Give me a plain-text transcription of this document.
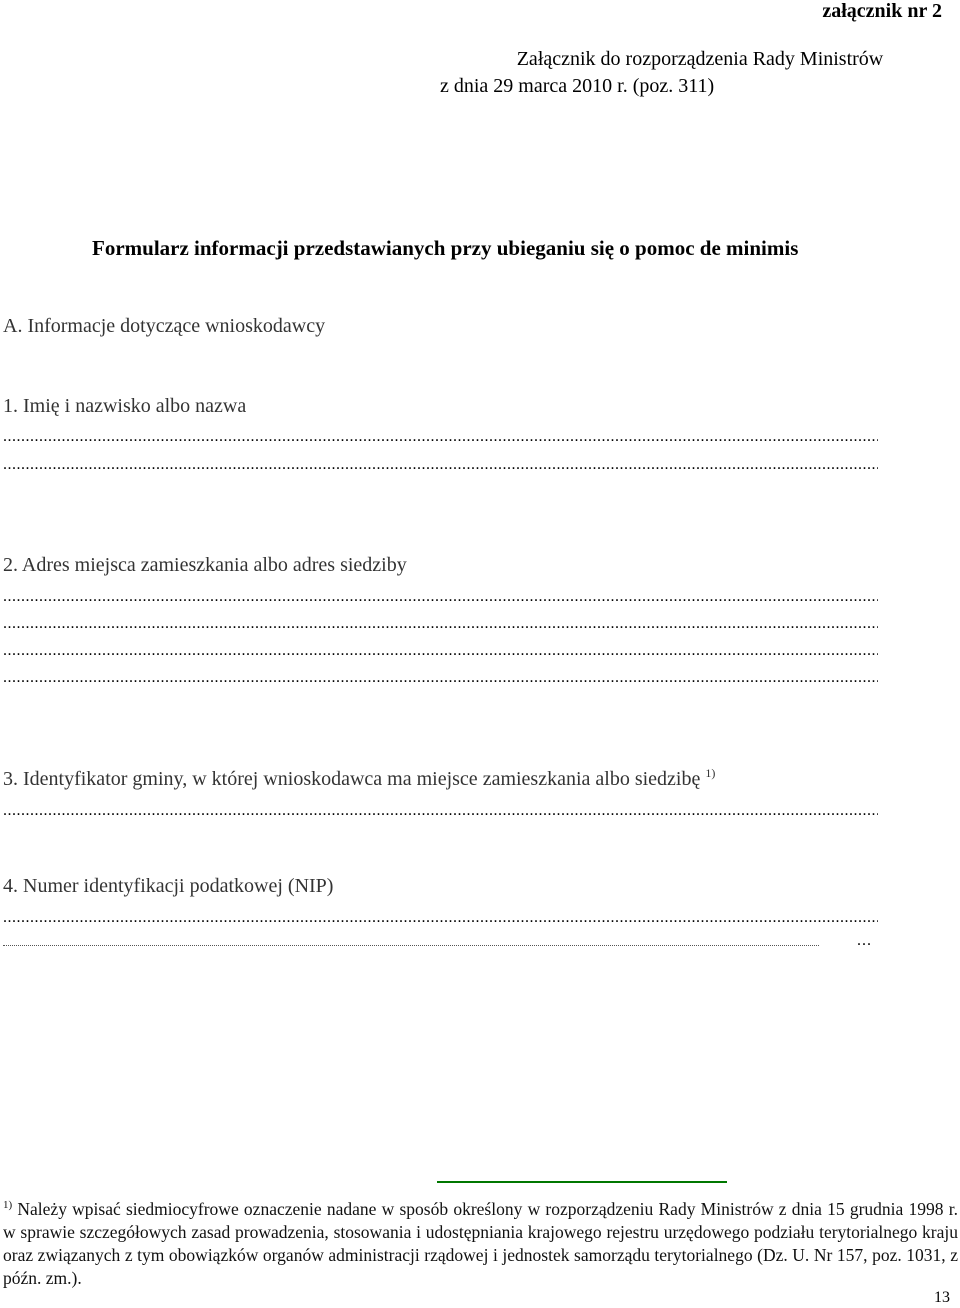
załącznik nr 2
Załącznik do rozporządzenia Rady Ministrów
z dnia 29 marca 2010 r. (poz. 311)
Formularz informacji przedstawianych przy ubieganiu się o pomoc de minimis
A. Informacje dotyczące wnioskodawcy
1. Imię i nazwisko albo nazwa
.....
.....
2. Adres miejsca zamieszkania albo adres siedziby
.....
.....
.....
.....
3. Identyfikator gminy, w której wnioskodawca ma miejsce zamieszkania albo siedzibę $^{1)}$
.....
4. Numer identyfikacji podatkowej (NIP)
.....
...
$^{1)}$ Należy wpisać siedmiocyfrowe oznaczenie nadane w sposób określony w rozporządzeniu Rady Ministrów z dnia 15 grudnia 1998 r. w sprawie szczegółowych zasad prowadzenia, stosowania i udostępniania krajowego rejestru urzędowego podziału terytorialnego kraju oraz związanych z tym obowiązków organów administracji rządowej i jednostek samorządu terytorialnego (Dz. U. Nr 157, poz. 1031, z późn. zm.).
13
